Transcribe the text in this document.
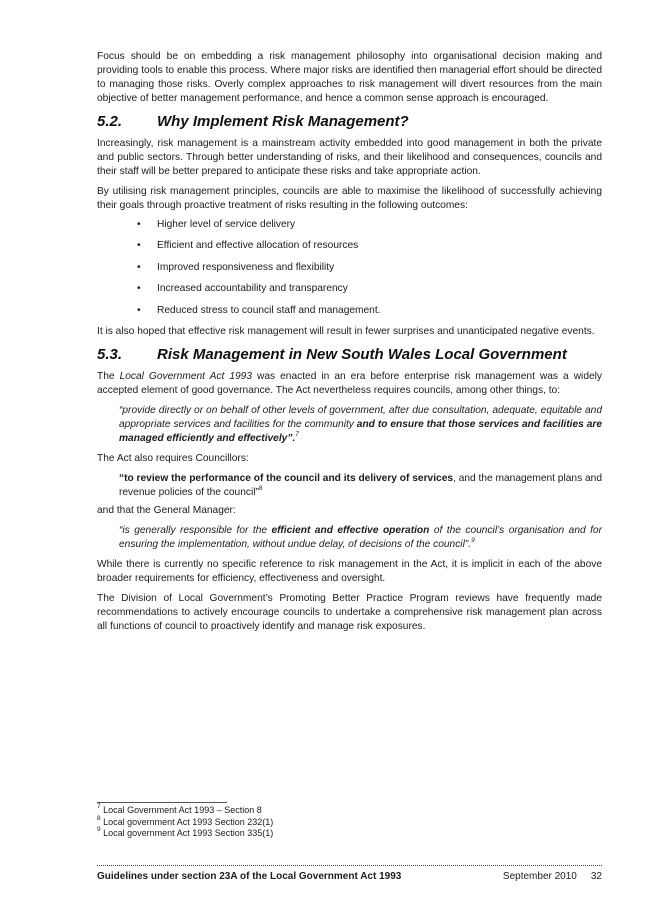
Focus should be on embedding a risk management philosophy into organisational decision making and providing tools to enable this process. Where major risks are identified then managerial effort should be directed to managing those risks. Overly complex approaches to risk management will divert resources from the main objective of better management performance, and hence a common sense approach is encouraged.

5.2. Why Implement Risk Management?

Increasingly, risk management is a mainstream activity embedded into good management in both the private and public sectors. Through better understanding of risks, and their likelihood and consequences, councils and their staff will be better prepared to anticipate these risks and take appropriate action.

By utilising risk management principles, councils are able to maximise the likelihood of successfully achieving their goals through proactive treatment of risks resulting in the following outcomes:

• Higher level of service delivery
• Efficient and effective allocation of resources
• Improved responsiveness and flexibility
• Increased accountability and transparency
• Reduced stress to council staff and management.

It is also hoped that effective risk management will result in fewer surprises and unanticipated negative events.

5.3. Risk Management in New South Wales Local Government

The Local Government Act 1993 was enacted in an era before enterprise risk management was a widely accepted element of good governance. The Act nevertheless requires councils, among other things, to:

“provide directly or on behalf of other levels of government, after due consultation, adequate, equitable and appropriate services and facilities for the community and to ensure that those services and facilities are managed efficiently and effectively”.$^7$

The Act also requires Councillors:

“to review the performance of the council and its delivery of services, and the management plans and revenue policies of the council”$^8$

and that the General Manager:

“is generally responsible for the efficient and effective operation of the council’s organisation and for ensuring the implementation, without undue delay, of decisions of the council”.$^9$

While there is currently no specific reference to risk management in the Act, it is implicit in each of the above broader requirements for efficiency, effectiveness and oversight.

The Division of Local Government’s Promoting Better Practice Program reviews have frequently made recommendations to actively encourage councils to undertake a comprehensive risk management plan across all functions of council to proactively identify and manage risk exposures.

$^7$ Local Government Act 1993 – Section 8
$^8$ Local government Act 1993 Section 232(1)
$^9$ Local government Act 1993 Section 335(1)
Guidelines under section 23A of the Local Government Act 1993	September 2010 32
